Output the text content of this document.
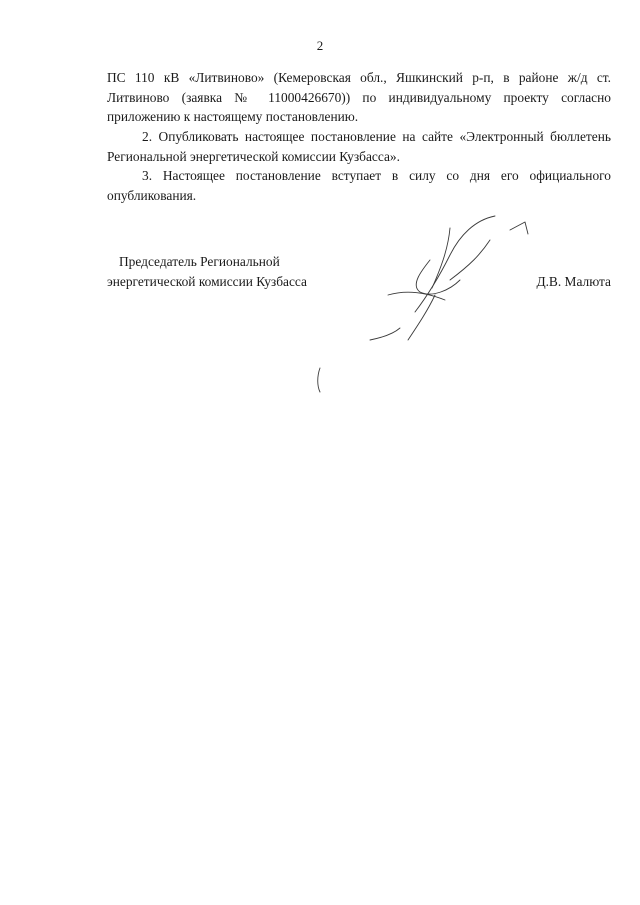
2

ПС 110 кВ «Литвиново» (Кемеровская обл., Яшкинский р-п, в районе ж/д ст. Литвиново (заявка № 11000426670)) по индивидуальному проекту согласно приложению к настоящему постановлению.

2. Опубликовать настоящее постановление на сайте «Электронный бюллетень Региональной энергетической комиссии Кузбасса».

3. Настоящее постановление вступает в силу со дня его официального опубликования.

Председатель Региональной
энергетической комиссии Кузбасса	Д.В. Малюта
